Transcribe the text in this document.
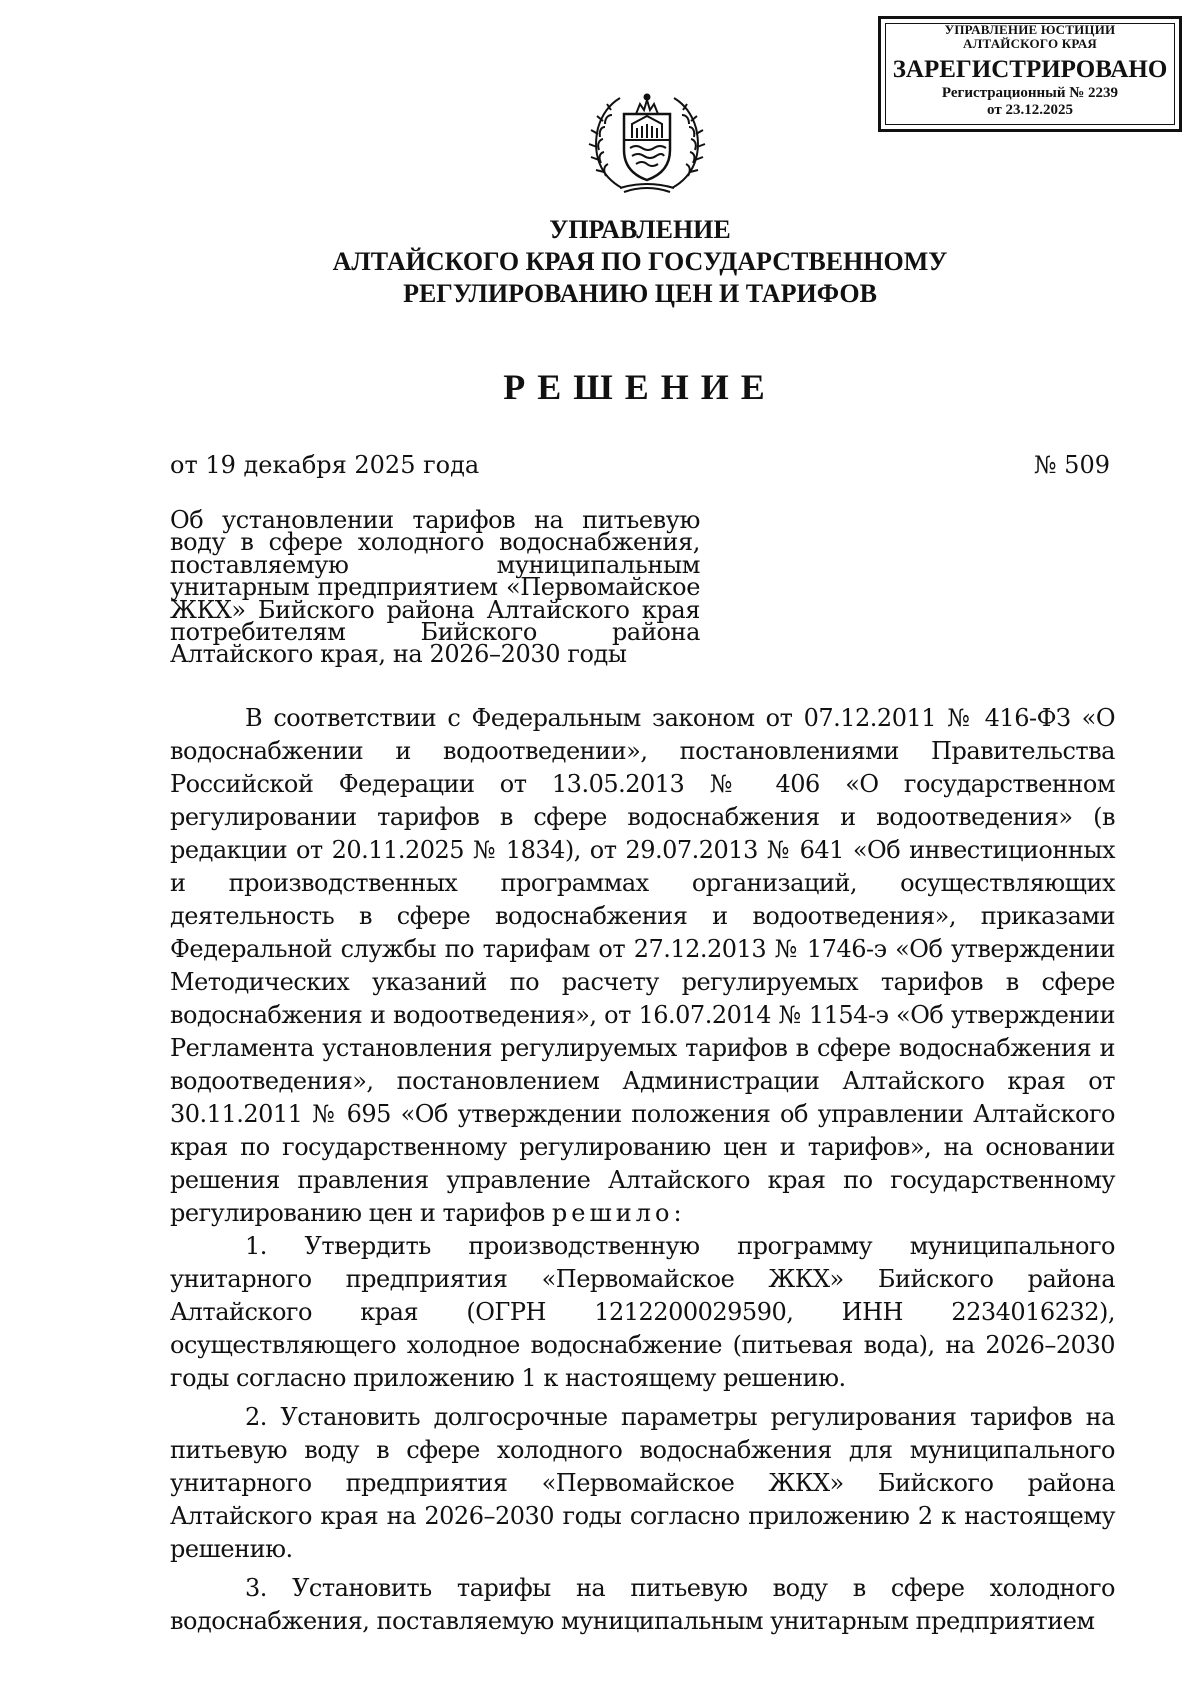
УПРАВЛЕНИЕ ЮСТИЦИИ
АЛТАЙСКОГО КРАЯ
ЗАРЕГИСТРИРОВАНО
Регистрационный № 2239
от 23.12.2025
УПРАВЛЕНИЕ
АЛТАЙСКОГО КРАЯ ПО ГОСУДАРСТВЕННОМУ
РЕГУЛИРОВАНИЮ ЦЕН И ТАРИФОВ
РЕШЕНИЕ
от 19 декабря 2025 года	№ 509
Об установлении тарифов на питьевую воду в сфере холодного водоснабжения, поставляемую муниципальным унитарным предприятием «Первомайское ЖКХ» Бийского района Алтайского края потребителям Бийского района Алтайского края, на 2026–2030 годы

В соответствии с Федеральным законом от 07.12.2011 № 416-ФЗ «О водоснабжении и водоотведении», постановлениями Правительства Российской Федерации от 13.05.2013 № 406 «О государственном регулировании тарифов в сфере водоснабжения и водоотведения» (в редакции от 20.11.2025 № 1834), от 29.07.2013 № 641 «Об инвестиционных и производственных программах организаций, осуществляющих деятельность в сфере водоснабжения и водоотведения», приказами Федеральной службы по тарифам от 27.12.2013 № 1746-э «Об утверждении Методических указаний по расчету регулируемых тарифов в сфере водоснабжения и водоотведения», от 16.07.2014 № 1154-э «Об утверждении Регламента установления регулируемых тарифов в сфере водоснабжения и водоотведения», постановлением Администрации Алтайского края от 30.11.2011 № 695 «Об утверждении положения об управлении Алтайского края по государственному регулированию цен и тарифов», на основании решения правления управление Алтайского края по государственному регулированию цен и тарифов решило:

1. Утвердить производственную программу муниципального унитарного предприятия «Первомайское ЖКХ» Бийского района Алтайского края (ОГРН 1212200029590, ИНН 2234016232), осуществляющего холодное водоснабжение (питьевая вода), на 2026–2030 годы согласно приложению 1 к настоящему решению.

2. Установить долгосрочные параметры регулирования тарифов на питьевую воду в сфере холодного водоснабжения для муниципального унитарного предприятия «Первомайское ЖКХ» Бийского района Алтайского края на 2026–2030 годы согласно приложению 2 к настоящему решению.

3. Установить тарифы на питьевую воду в сфере холодного водоснабжения, поставляемую муниципальным унитарным предприятием
